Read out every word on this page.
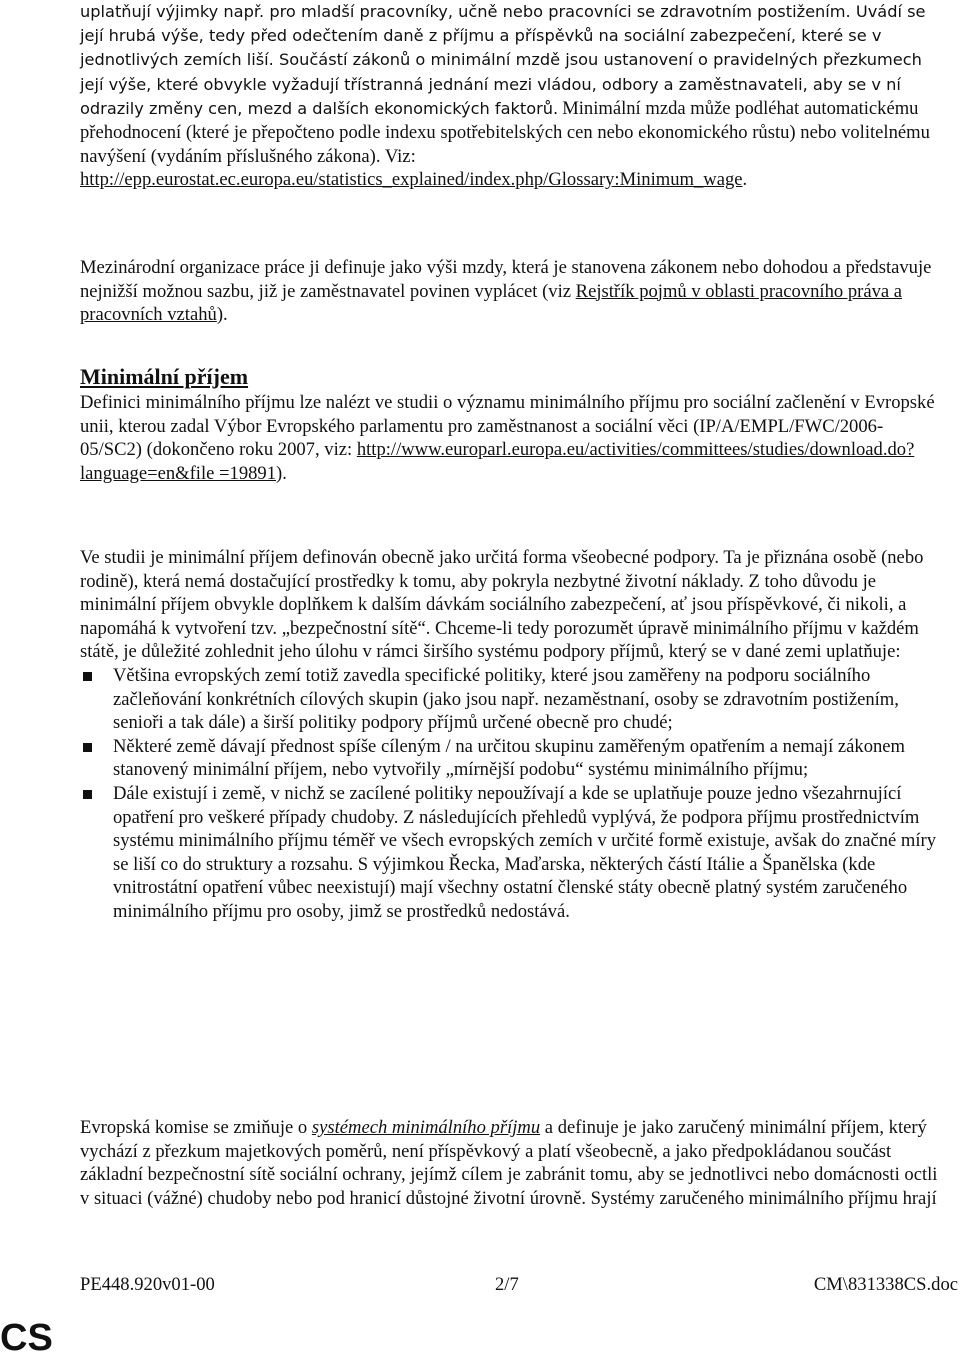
uplatňují výjimky např. pro mladší pracovníky, učně nebo pracovníci se zdravotním postižením. Uvádí se její hrubá výše, tedy před odečtením daně z příjmu a příspěvků na sociální zabezpečení, které se v jednotlivých zemích liší. Součástí zákonů o minimální mzdě jsou ustanovení o pravidelných přezkumech její výše, které obvykle vyžadují třístranná jednání mezi vládou, odbory a zaměstnavateli, aby se v ní odrazily změny cen, mezd a dalších ekonomických faktorů.

Minimální mzda může podléhat automatickému přehodnocení (které je přepočteno podle indexu spotřebitelských cen nebo ekonomického růstu) nebo volitelnému navýšení (vydáním příslušného zákona). Viz:

http://epp.eurostat.ec.europa.eu/statistics_explained/index.php/Glossary:Minimum_wage.
Mezinárodní organizace práce ji definuje jako výši mzdy, která je stanovena zákonem nebo dohodou a představuje nejnižší možnou sazbu, již je zaměstnavatel povinen vyplácet (viz Rejstřík pojmů v oblasti pracovního práva a pracovních vztahů).
Minimální příjem
Definici minimálního příjmu lze nalézt ve studii o významu minimálního příjmu pro sociální začlenění v Evropské unii, kterou zadal Výbor Evropského parlamentu pro zaměstnanost a sociální věci (IP/A/EMPL/FWC/2006-05/SC2) (dokončeno roku 2007, viz: http://www.europarl.europa.eu/activities/committees/studies/download.do?language=en&file =19891).

Ve studii je minimální příjem definován obecně jako určitá forma všeobecné podpory. Ta je přiznána osobě (nebo rodině), která nemá dostačující prostředky k tomu, aby pokryla nezbytné životní náklady. Z toho důvodu je minimální příjem obvykle doplňkem k dalším dávkám sociálního zabezpečení, ať jsou příspěvkové, či nikoli, a napomáhá k vytvoření tzv. „bezpečnostní sítě“. Chceme-li tedy porozumět úpravě minimálního příjmu v každém státě, je důležité zohlednit jeho úlohu v rámci širšího systému podpory příjmů, který se v dané zemi uplatňuje:

Většina evropských zemí totiž zavedla specifické politiky, které jsou zaměřeny na podporu sociálního začleňování konkrétních cílových skupin (jako jsou např. nezaměstnaní, osoby se zdravotním postižením, senioři a tak dále) a širší politiky podpory příjmů určené obecně pro chudé;
Některé země dávají přednost spíše cíleným / na určitou skupinu zaměřeným opatřením a nemají zákonem stanovený minimální příjem, nebo vytvořily „mírnější podobu“ systému minimálního příjmu;
Dále existují i země, v nichž se zacílené politiky nepoužívají a kde se uplatňuje pouze jedno všezahrnující opatření pro veškeré případy chudoby. Z následujících přehledů vyplývá, že podpora příjmu prostřednictvím systému minimálního příjmu téměř ve všech evropských zemích v určité formě existuje, avšak do značné míry se liší co do struktury a rozsahu. S výjimkou Řecka, Maďarska, některých částí Itálie a Španělska (kde vnitrostátní opatření vůbec neexistují) mají všechny ostatní členské státy obecně platný systém zaručeného minimálního příjmu pro osoby, jimž se prostředků nedostává.
Evropská komise se zmiňuje o systémech minimálního příjmu a definuje je jako zaručený minimální příjem, který vychází z přezkum majetkových poměrů, není příspěvkový a platí všeobecně, a jako předpokládanou součást základní bezpečnostní sítě sociální ochrany, jejímž cílem je zabránit tomu, aby se jednotlivci nebo domácnosti octli v situaci (vážné) chudoby nebo pod hranicí důstojné životní úrovně. Systémy zaručeného minimálního příjmu hrají
PE448.920v01-00	2/7	CM\831338CS.doc
CS
